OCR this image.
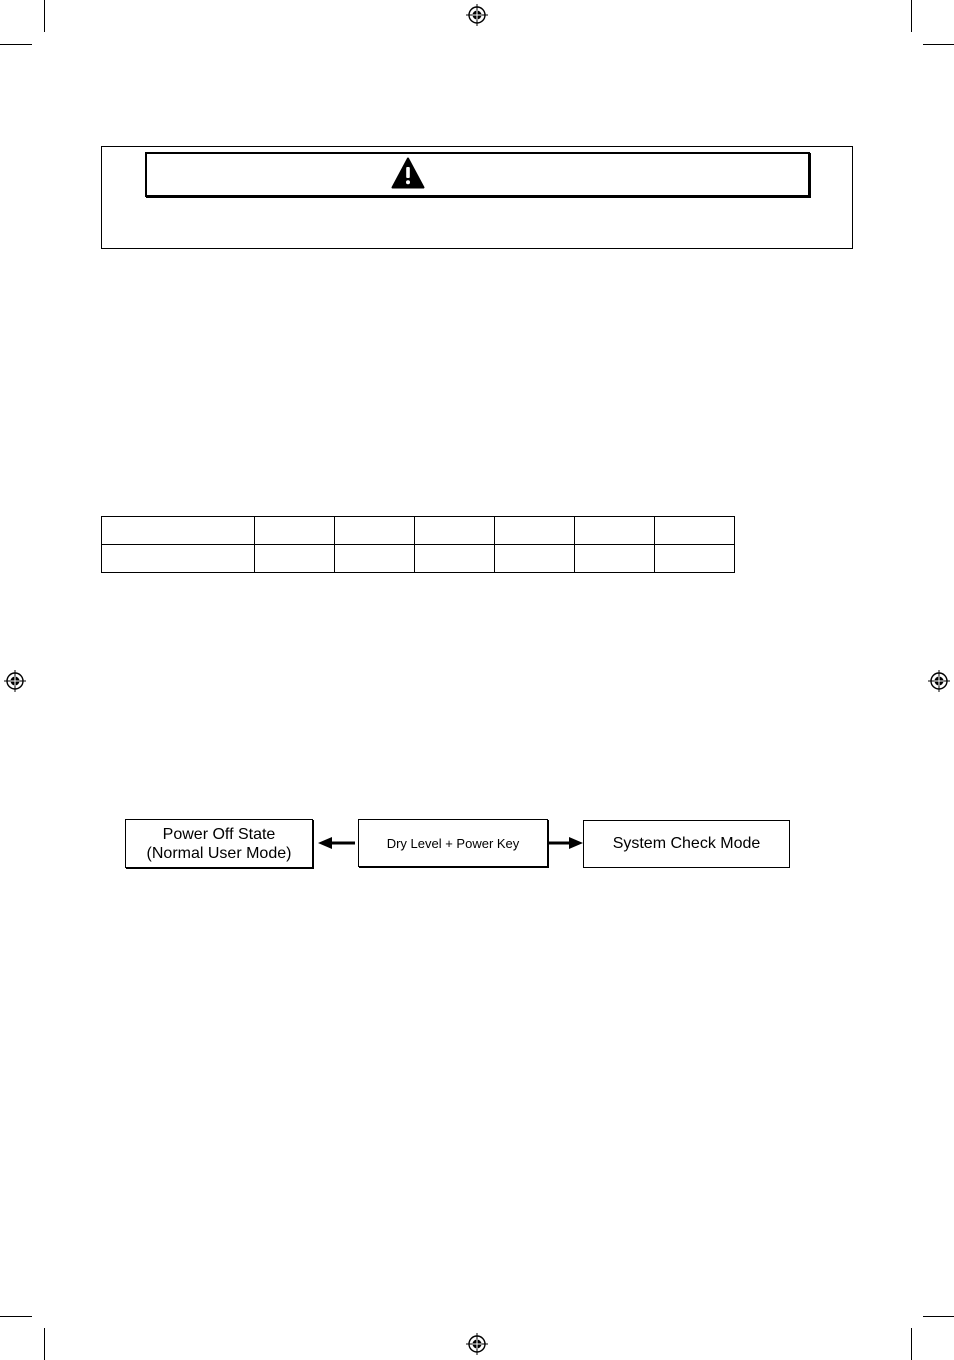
Power Off State
(Normal User Mode)
Dry Level + Power Key	System Check Mode
